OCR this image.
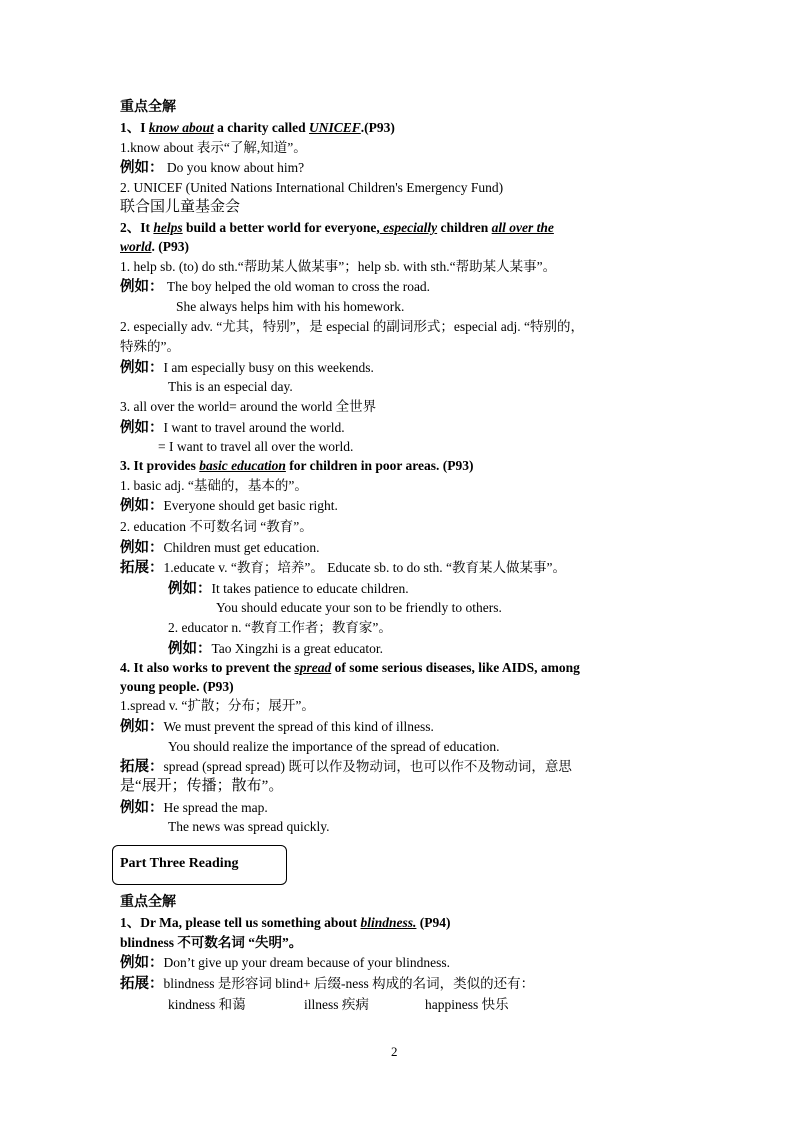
重点全解
1、I know about a charity called UNICEF.(P93)
1.know about 表示“了解,知道”。
例如： Do you know about him?
2. UNICEF (United Nations International Children's Emergency Fund)
联合国儿童基金会
2、It helps build a better world for everyone, especially children all over the
world. (P93)
1. help sb. (to) do sth.“帮助某人做某事”；help sb. with sth.“帮助某人某事”。
例如： The boy helped the old woman to cross the road.
She always helps him with his homework.
2. especially adv. “尤其，特别”，是 especial 的副词形式；especial adj. “特别的，
特殊的”。
例如：I am especially busy on this weekends.
This is an especial day.
3. all over the world= around the world 全世界
例如：I want to travel around the world.
= I want to travel all over the world.
3. It provides basic education for children in poor areas. (P93)
1. basic adj. “基础的，基本的”。
例如：Everyone should get basic right.
2. education 不可数名词 “教育”。
例如：Children must get education.
拓展：1.educate v. “教育；培养”。 Educate sb. to do sth. “教育某人做某事”。
例如：It takes patience to educate children.
You should educate your son to be friendly to others.
2. educator n. “教育工作者；教育家”。
例如：Tao Xingzhi is a great educator.
4. It also works to prevent the spread of some serious diseases, like AIDS, among
young people. (P93)
1.spread v. “扩散；分布；展开”。
例如：We must prevent the spread of this kind of illness.
You should realize the importance of the spread of education.
拓展：spread (spread spread) 既可以作及物动词，也可以作不及物动词，意思
是“展开；传播；散布”。
例如：He spread the map.
The news was spread quickly.
Part Three Reading
重点全解
1、Dr Ma, please tell us something about blindness. (P94)
blindness 不可数名词 “失明”。
例如：Don’t give up your dream because of your blindness.
拓展：blindness 是形容词 blind+ 后缀-ness 构成的名词，类似的还有：
kindness 和蔼	illness 疾病	happiness 快乐
2
